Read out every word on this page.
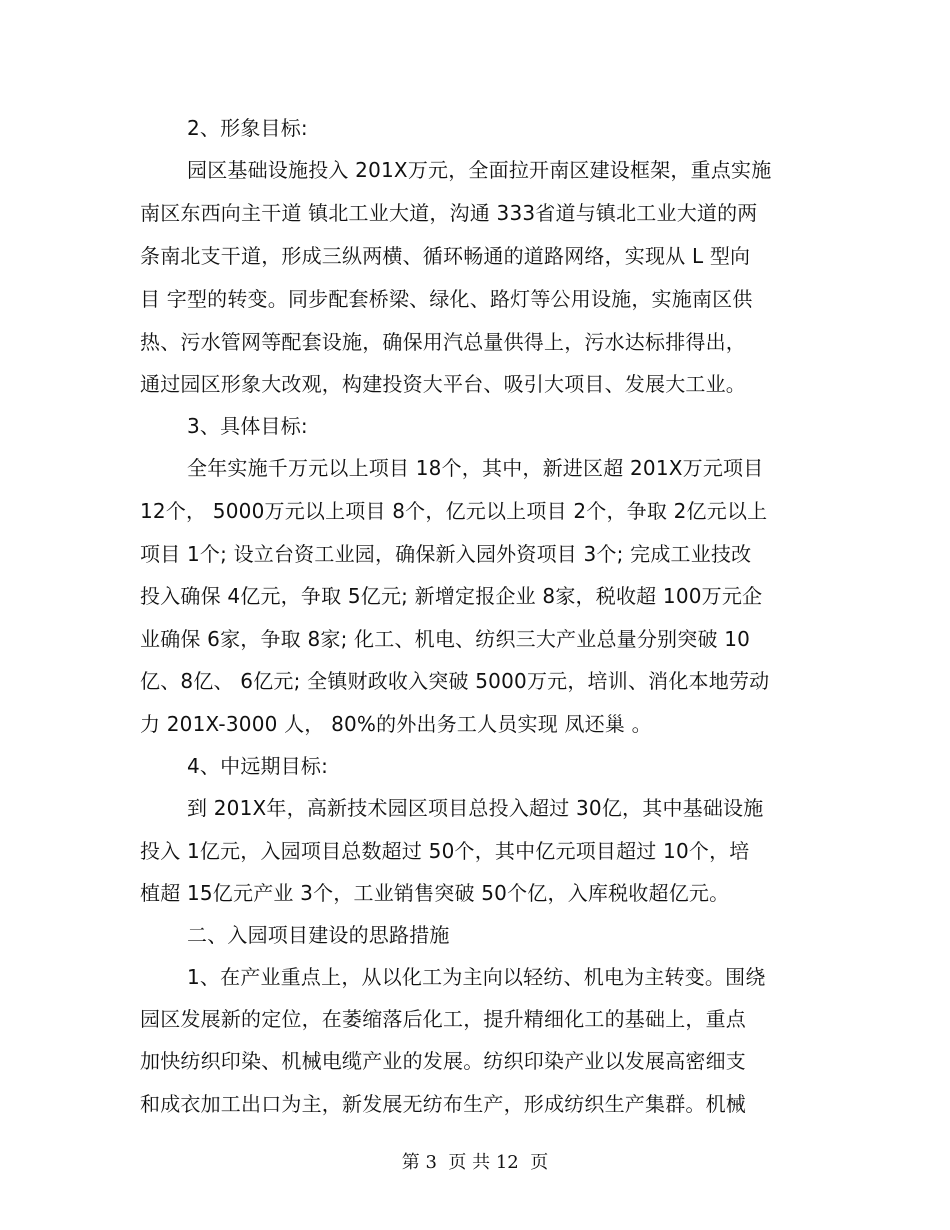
2、形象目标:
园区基础设施投入 201X万元，全面拉开南区建设框架，重点实施
南区东西向主干道 镇北工业大道，沟通 333省道与镇北工业大道的两
条南北支干道，形成三纵两横、循环畅通的道路网络，实现从 L 型向
目 字型的转变。同步配套桥梁、绿化、路灯等公用设施，实施南区供
热、污水管网等配套设施，确保用汽总量供得上，污水达标排得出，
通过园区形象大改观，构建投资大平台、吸引大项目、发展大工业。
3、具体目标:
全年实施千万元以上项目 18个，其中，新进区超 201X万元项目
12个， 5000万元以上项目 8个，亿元以上项目 2个，争取 2亿元以上
项目 1个; 设立台资工业园，确保新入园外资项目 3个; 完成工业技改
投入确保 4亿元，争取 5亿元; 新增定报企业 8家，税收超 100万元企
业确保 6家，争取 8家; 化工、机电、纺织三大产业总量分别突破 10
亿、8亿、 6亿元; 全镇财政收入突破 5000万元，培训、消化本地劳动
力 201X-3000 人， 80%的外出务工人员实现 凤还巢 。
4、中远期目标:
到 201X年，高新技术园区项目总投入超过 30亿，其中基础设施
投入 1亿元，入园项目总数超过 50个，其中亿元项目超过 10个，培
植超 15亿元产业 3个，工业销售突破 50个亿，入库税收超亿元。
二、入园项目建设的思路措施
1、在产业重点上，从以化工为主向以轻纺、机电为主转变。围绕
园区发展新的定位，在萎缩落后化工，提升精细化工的基础上，重点
加快纺织印染、机械电缆产业的发展。纺织印染产业以发展高密细支
和成衣加工出口为主，新发展无纺布生产，形成纺织生产集群。机械
第 3  页 共 12  页
